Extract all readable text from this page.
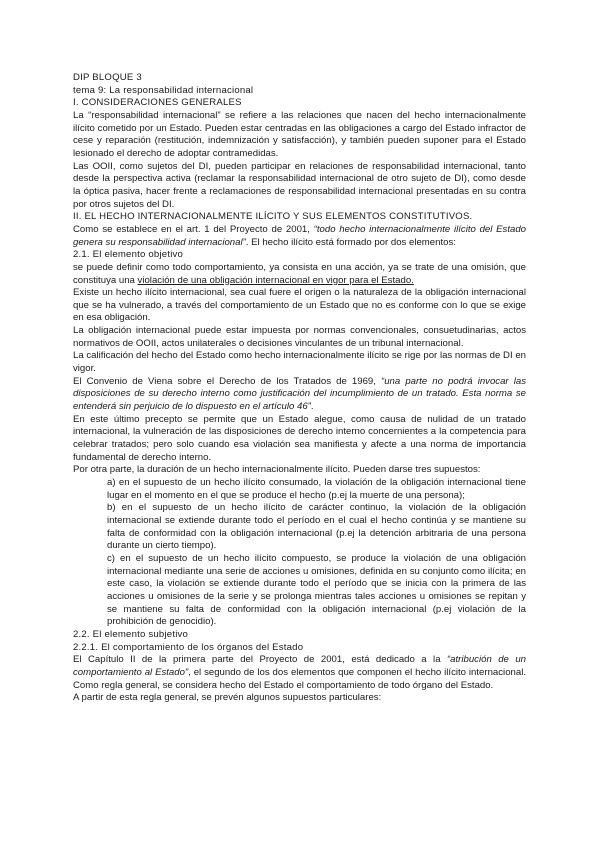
DIP BLOQUE 3

tema 9: La responsabilidad internacional

I. CONSIDERACIONES GENERALES

La “responsabilidad internacional” se refiere a las relaciones que nacen del hecho internacionalmente ilícito cometido por un Estado. Pueden estar centradas en las obligaciones a cargo del Estado infractor de cese y reparación (restitución, indemnización y satisfacción), y también pueden suponer para el Estado lesionado el derecho de adoptar contramedidas.

Las OOII, como sujetos del DI, pueden participar en relaciones de responsabilidad internacional, tanto desde la perspectiva activa (reclamar la responsabilidad internacional de otro sujeto de DI), como desde la óptica pasiva, hacer frente a reclamaciones de responsabilidad internacional presentadas en su contra por otros sujetos del DI.

II. EL HECHO INTERNACIONALMENTE ILÍCITO Y SUS ELEMENTOS CONSTITUTIVOS.

Como se establece en el art. 1 del Proyecto de 2001, “todo hecho internacionalmente ilícito del Estado genera su responsabilidad internacional”. El hecho ilícito está formado por dos elementos:

2.1. El elemento objetivo

se puede definir como todo comportamiento, ya consista en una acción, ya se trate de una omisión, que constituya una violación de una obligación internacional en vigor para el Estado.

Existe un hecho ilícito internacional, sea cual fuere el origen o la naturaleza de la obligación internacional que se ha vulnerado, a través del comportamiento de un Estado que no es conforme con lo que se exige en esa obligación.

La obligación internacional puede estar impuesta por normas convencionales, consuetudinarias, actos normativos de OOII, actos unilaterales o decisiones vinculantes de un tribunal internacional.

La calificación del hecho del Estado como hecho internacionalmente ilícito se rige por las normas de DI en vigor.

El Convenio de Viena sobre el Derecho de los Tratados de 1969, “una parte no podrá invocar las disposiciones de su derecho interno como justificación del incumplimiento de un tratado. Esta norma se entenderá sin perjuicio de lo dispuesto en el artículo 46”.

En este último precepto se permite que un Estado alegue, como causa de nulidad de un tratado internacional, la vulneración de las disposiciones de derecho interno concernientes a la competencia para celebrar tratados; pero solo cuando esa violación sea manifiesta y afecte a una norma de importancia fundamental de derecho interno.

Por otra parte, la duración de un hecho internacionalmente ilícito. Pueden darse tres supuestos:

a) en el supuesto de un hecho ilícito consumado, la violación de la obligación internacional tiene lugar en el momento en el que se produce el hecho (p.ej la muerte de una persona);

b) en el supuesto de un hecho ilícito de carácter continuo, la violación de la obligación internacional se extiende durante todo el período en el cual el hecho continúa y se mantiene su falta de conformidad con la obligación internacional (p.ej la detención arbitraria de una persona durante un cierto tiempo).

c) en el supuesto de un hecho ilícito compuesto, se produce la violación de una obligación internacional mediante una serie de acciones u omisiones, definida en su conjunto como ilícita; en este caso, la violación se extiende durante todo el período que se inicia con la primera de las acciones u omisiones de la serie y se prolonga mientras tales acciones u omisiones se repitan y se mantiene su falta de conformidad con la obligación internacional (p.ej violación de la prohibición de genocidio).

2.2. El elemento subjetivo

2.2.1. El comportamiento de los órganos del Estado

El Capítulo II de la primera parte del Proyecto de 2001, está dedicado a la “atribución de un comportamiento al Estado”, el segundo de los dos elementos que componen el hecho ilícito internacional. Como regla general, se considera hecho del Estado el comportamiento de todo órgano del Estado.

A partir de esta regla general, se prevén algunos supuestos particulares:
